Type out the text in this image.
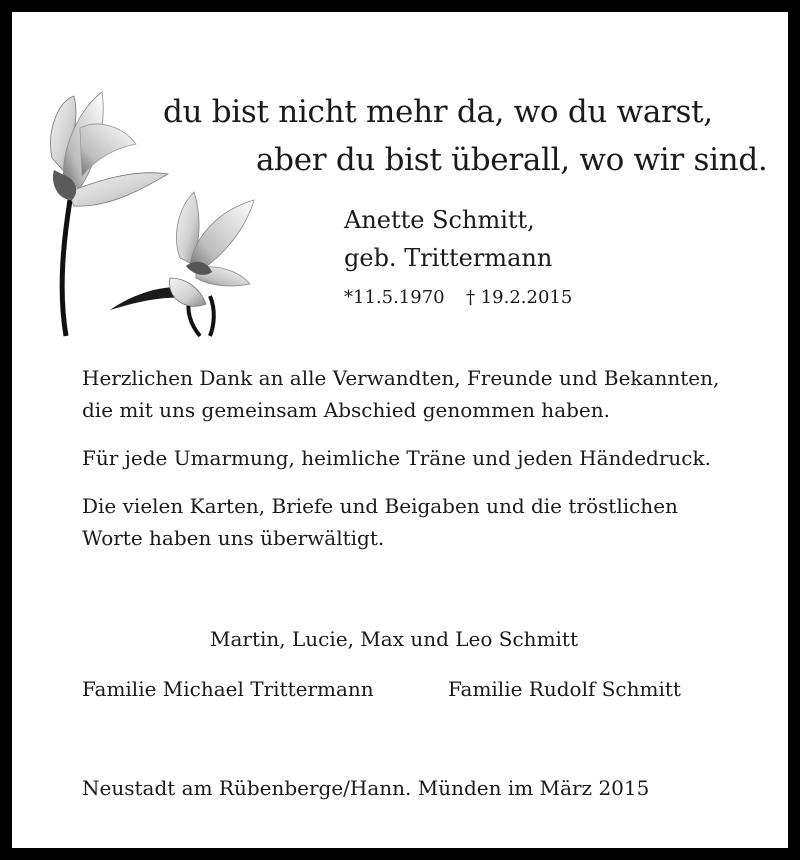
du bist nicht mehr da, wo du warst,
aber du bist überall, wo wir sind.
Anette Schmitt,
geb. Trittermann
*11.5.1970 † 19.2.2015
Herzlichen Dank an alle Verwandten, Freunde und Bekannten,
die mit uns gemeinsam Abschied genommen haben.
Für jede Umarmung, heimliche Träne und jeden Händedruck.
Die vielen Karten, Briefe und Beigaben und die tröstlichen
Worte haben uns überwältigt.
Martin, Lucie, Max und Leo Schmitt
Familie Michael Trittermann	Familie Rudolf Schmitt
Neustadt am Rübenberge/Hann. Münden im März 2015
